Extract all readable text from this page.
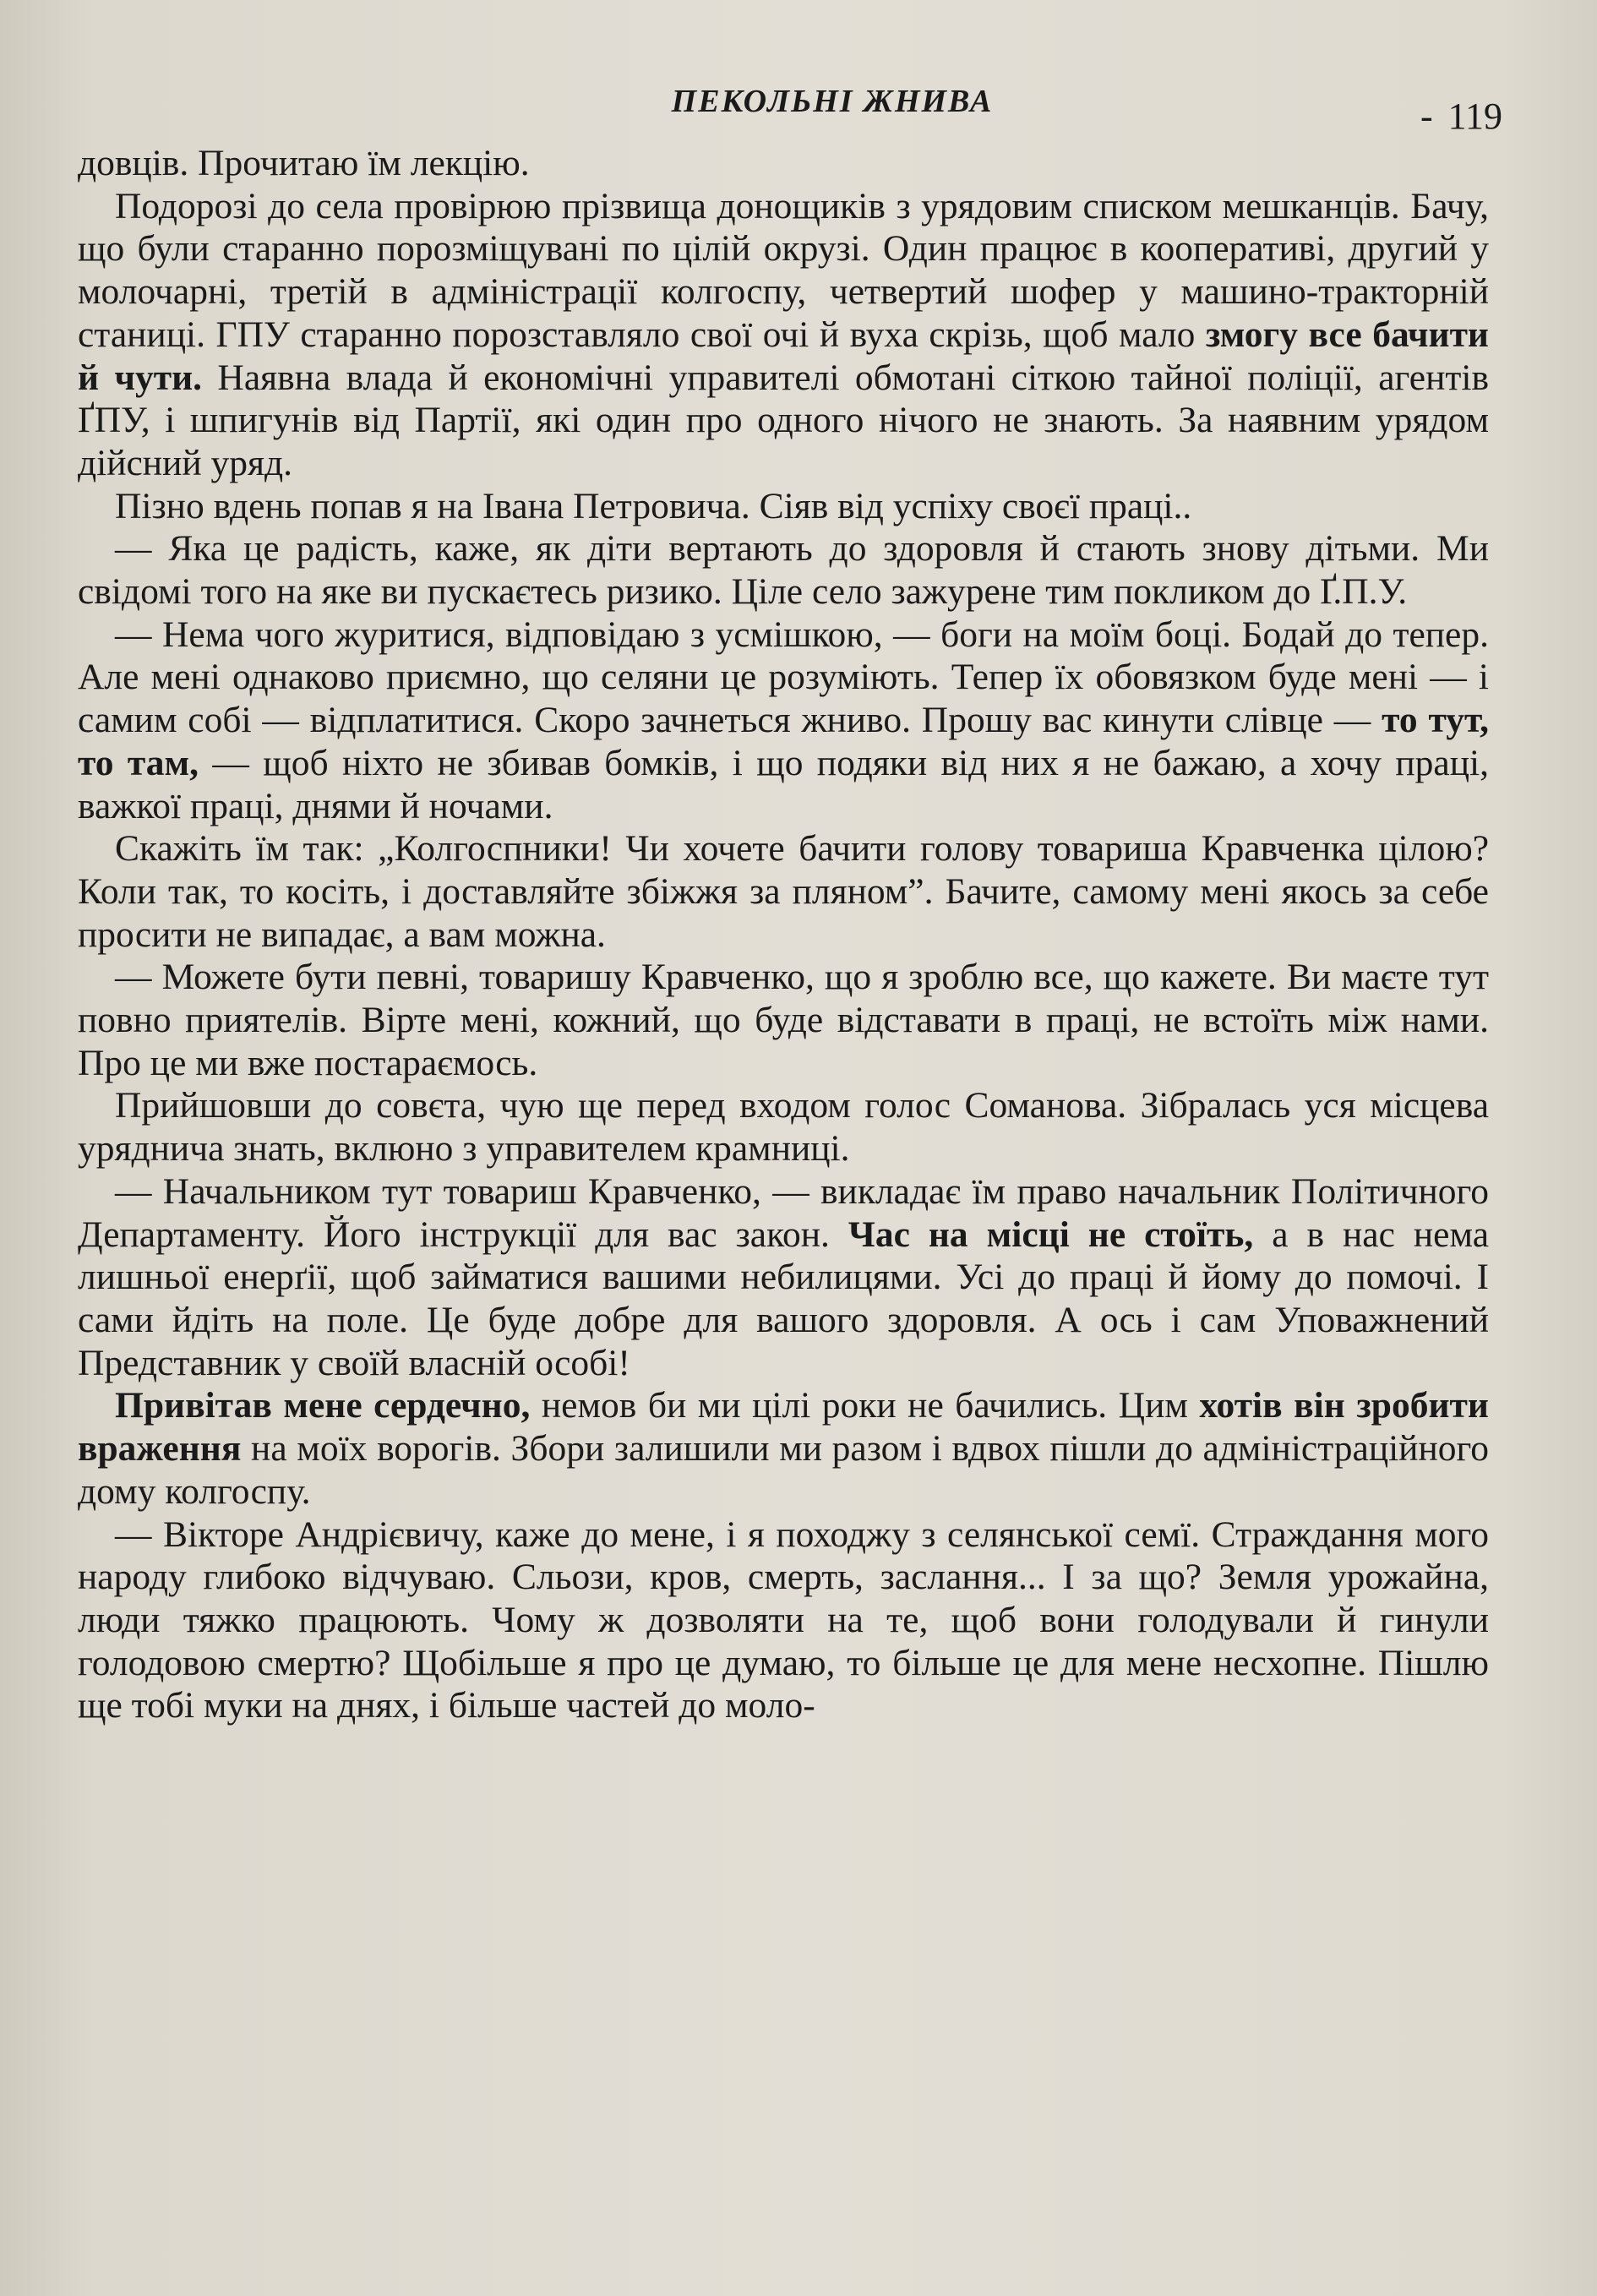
ПЕКОЛЬНІ ЖНИВА	- 119

довців. Прочитаю їм лекцію.

Подорозі до села провірюю прізвища донощиків з урядовим списком мешканців. Бачу, що були старанно порозміщувані по цілій окрузі. Один працює в кооперативі, другий у молочарні, третій в адміністрації колгоспу, четвертий шофер у машино-тракторній станиці. ГПУ старанно порозставляло свої очі й вуха скрізь, щоб мало змогу все бачити й чути. Наявна влада й економічні управителі обмотані сіткою тайної поліції, агентів ҐПУ, і шпигунів від Партії, які один про одного нічого не знають. За наявним урядом дійсний уряд.

Пізно вдень попав я на Івана Петровича. Сіяв від успіху своєї праці..

— Яка це радість, каже, як діти вертають до здоровля й стають знову дітьми. Ми свідомі того на яке ви пускаєтесь ризико. Ціле село зажурене тим покликом до Ґ.П.У.

— Нема чого журитися, відповідаю з усмішкою, — боги на моїм боці. Бодай до тепер. Але мені однаково приємно, що селяни це розуміють. Тепер їх обовязком буде мені — і самим собі — відплатитися. Скоро зачнеться жниво. Прошу вас кинути слівце — то тут, то там, — щоб ніхто не збивав бомків, і що подяки від них я не бажаю, а хочу праці, важкої праці, днями й ночами.

Скажіть їм так: „Колгоспники! Чи хочете бачити голову товариша Кравченка цілою? Коли так, то косіть, і доставляйте збіжжя за пляном”. Бачите, самому мені якось за себе просити не випадає, а вам можна.

— Можете бути певні, товаришу Кравченко, що я зроблю все, що кажете. Ви маєте тут повно приятелів. Вірте мені, кожний, що буде відставати в праці, не встоїть між нами. Про це ми вже постараємось.

Прийшовши до совєта, чую ще перед входом голос Соманова. Зібралась уся місцева уряднича знать, вклюно з управителем крамниці.

— Начальником тут товариш Кравченко, — викладає їм право начальник Політичного Департаменту. Його інструкції для вас закон. Час на місці не стоїть, а в нас нема лишньої енерґії, щоб займатися вашими небилицями. Усі до праці й йому до помочі. І сами йдіть на поле. Це буде добре для вашого здоровля. А ось і сам Уповажнений Представник у своїй власній особі!

Привітав мене сердечно, немов би ми цілі роки не бачились. Цим хотів він зробити враження на моїх ворогів. Збори залишили ми разом і вдвох пішли до адміністраційного дому колгоспу.

— Вікторе Андрієвичу, каже до мене, і я походжу з селянської семї. Страждання мого народу глибоко відчуваю. Сльози, кров, смерть, заслання... І за що? Земля урожайна, люди тяжко працюють. Чому ж дозволяти на те, щоб вони голодували й гинули голодовою смертю? Щобільше я про це думаю, то більше це для мене несхопне. Пішлю ще тобі муки на днях, і більше частей до моло-
